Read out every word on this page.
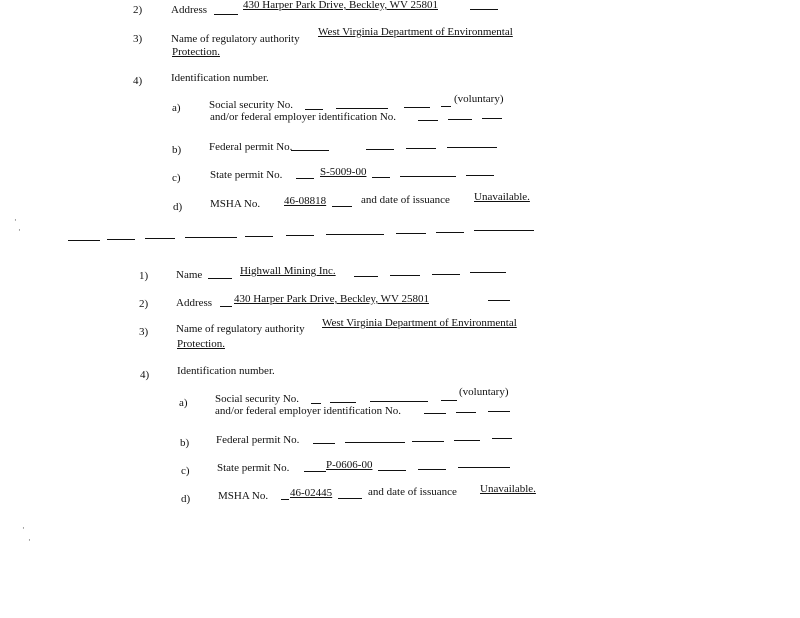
2)	Address	430 Harper Park Drive, Beckley, WV 25801
3)	Name of regulatory authority
West Virginia Department of Environmental
Protection.
4)	Identification number.
a)	Social security No.	(voluntary)
and/or federal employer identification No.
b)	Federal permit No.
c)	State permit No.	S-5009-00
d)	MSHA No. 46-08818	and date of issuance Unavailable.
1)	Name	Highwall Mining Inc.
2)	Address 430 Harper Park Drive, Beckley, WV 25801
3)	Name of regulatory authority West Virginia Department of Environmental
Protection.
4)	Identification number.
a) Social security No.
(voluntary)
and/or federal employer identification No.
b) Federal permit No.
c) State permit No.	P-0606-00
d)	MSHA No. 46-02445	and date of issuance Unavailable.
·
·
·
·
